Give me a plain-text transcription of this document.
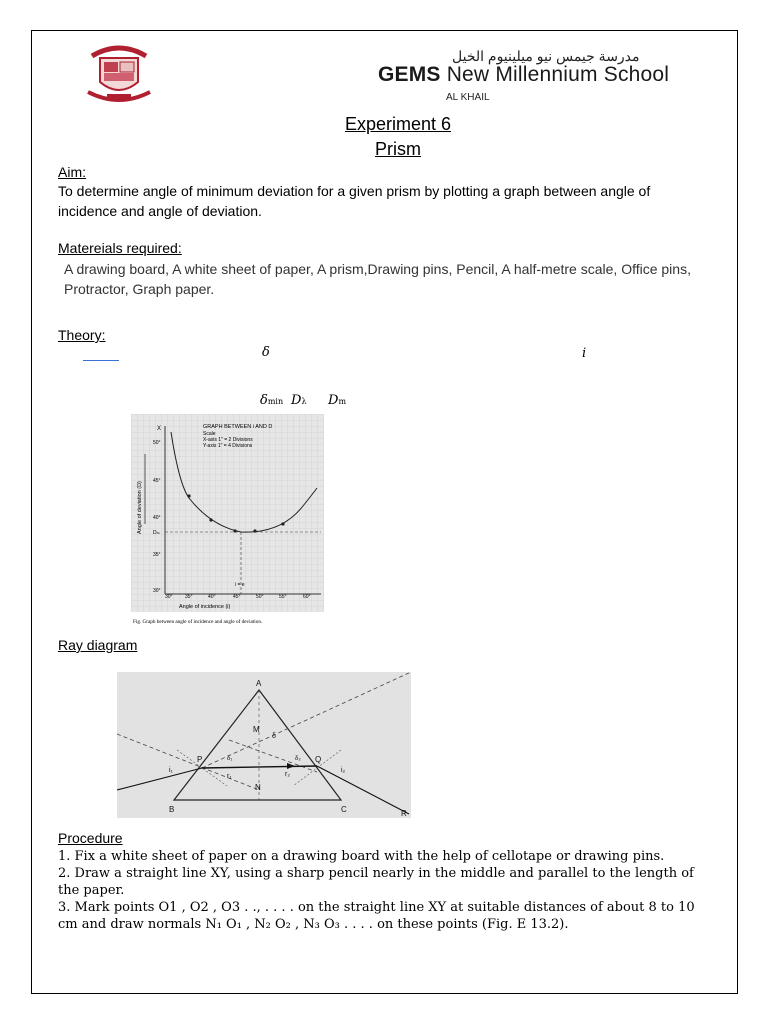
مدرسة جيمس نيو ميلينيوم الخيل
GEMS New Millennium School
AL KHAIL
Experiment 6
Prism
Aim:
To determine angle of minimum deviation for a given prism by plotting a graph between angle of incidence and angle of deviation.
Matereials required:
A drawing board, A white sheet of paper, A prism,Drawing pins, Pencil, A half-metre scale, Office pins, Protractor, Graph paper.
Theory:
δ	i
δmin Dλ Dm
X	GRAPH BETWEEN i AND D
Scale
X-axis 1" = 2 Divisions
Y-axis 1" = 4 Divisions
Angle of deviation (D)
Angle of incidence (i)
i = e
50°
45°
40°
Dₘ
35°
30°
30° 35°	40°	45°	50°	55°	60°
Fig. Graph between angle of incidence and angle of deviation.
Ray diagram
A
B	C
M
N
P	Q
R
δ
i₁	i₂
r₁	r₂
δ₁	δ₂
Procedure
1. Fix a white sheet of paper on a drawing board with the help of cellotape or drawing pins.
2. Draw a straight line XY, using a sharp pencil nearly in the middle and parallel to the length of the paper.
3. Mark points O1 , O2 , O3 . ., . . . . on the straight line XY at suitable distances of about 8 to 10 cm and draw normals N₁ O₁ , N₂ O₂ , N₃ O₃ . . . . on these points (Fig. E 13.2).
